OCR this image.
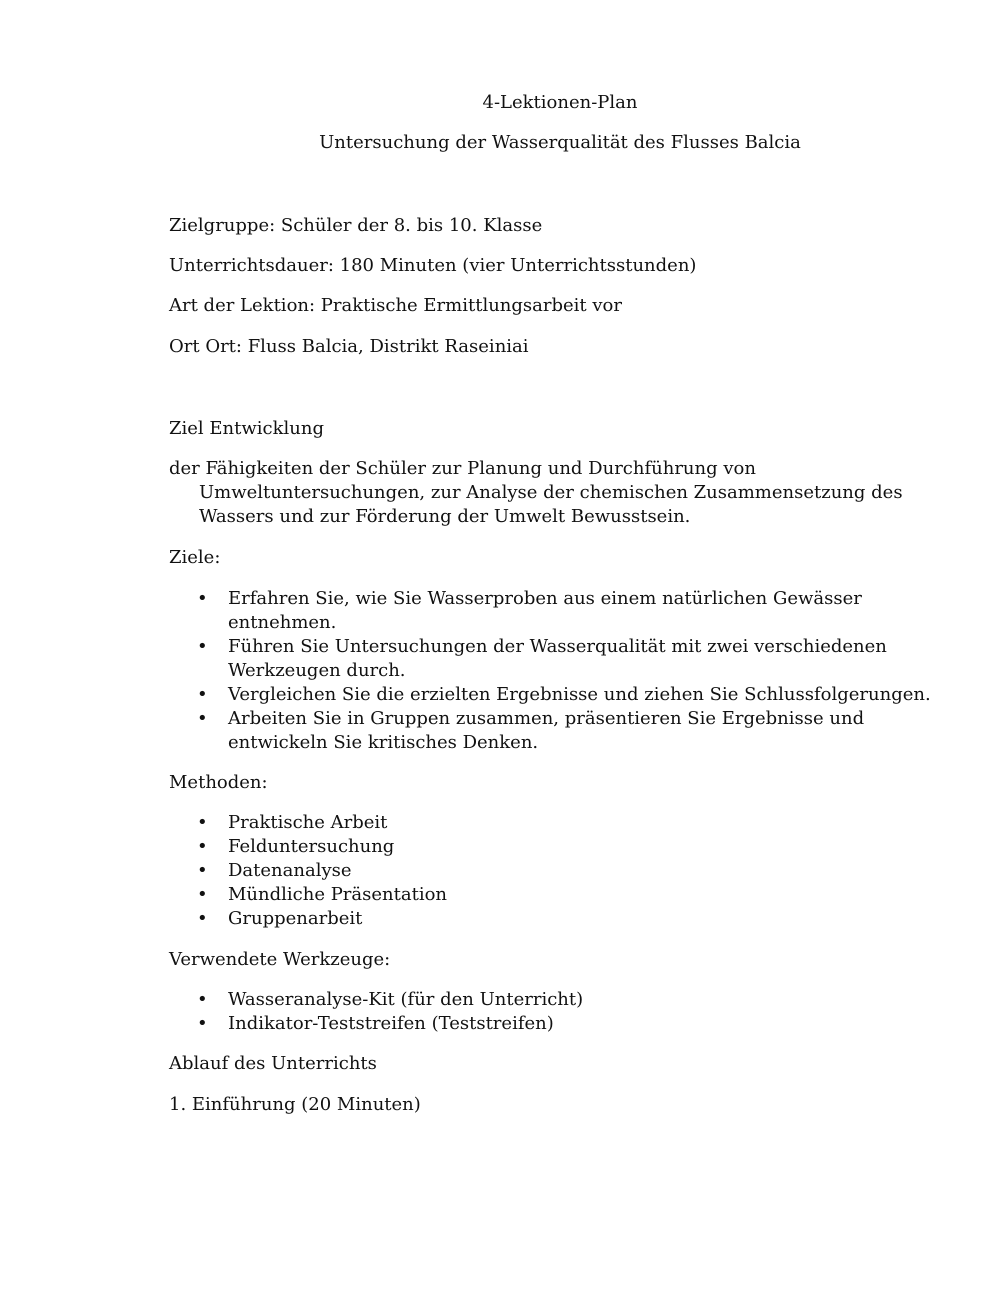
4-Lektionen-Plan
Untersuchung der Wasserqualität des Flusses Balcia
Zielgruppe: Schüler der 8. bis 10. Klasse
Unterrichtsdauer: 180 Minuten (vier Unterrichtsstunden)
Art der Lektion: Praktische Ermittlungsarbeit vor
Ort Ort: Fluss Balcia, Distrikt Raseiniai
Ziel Entwicklung
der Fähigkeiten der Schüler zur Planung und Durchführung von
Umweltuntersuchungen, zur Analyse der chemischen Zusammensetzung des
Wassers und zur Förderung der Umwelt Bewusstsein.
Ziele:
• Erfahren Sie, wie Sie Wasserproben aus einem natürlichen Gewässer
entnehmen.
• Führen Sie Untersuchungen der Wasserqualität mit zwei verschiedenen
Werkzeugen durch.
• Vergleichen Sie die erzielten Ergebnisse und ziehen Sie Schlussfolgerungen.
• Arbeiten Sie in Gruppen zusammen, präsentieren Sie Ergebnisse und
entwickeln Sie kritisches Denken.
Methoden:
• Praktische Arbeit
• Felduntersuchung
• Datenanalyse
• Mündliche Präsentation
• Gruppenarbeit
Verwendete Werkzeuge:
• Wasseranalyse-Kit (für den Unterricht)
• Indikator-Teststreifen (Teststreifen)
Ablauf des Unterrichts
1. Einführung (20 Minuten)
